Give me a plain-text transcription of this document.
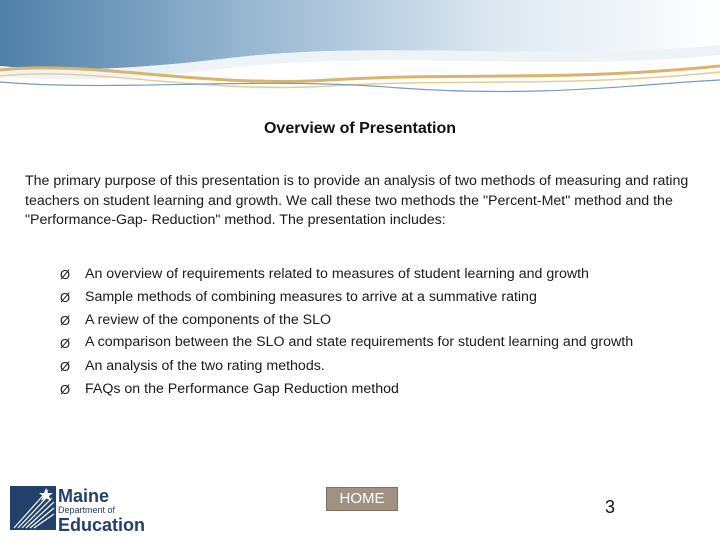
Overview of Presentation

The primary purpose of this presentation is to provide an analysis of two methods of measuring and rating teachers on student learning and growth. We call these two methods the "Percent-Met" method and the "Performance-Gap- Reduction" method. The presentation includes:

Ø An overview of requirements related to measures of student learning and growth
Ø Sample methods of combining measures to arrive at a summative rating
Ø A review of the components of the SLO
Ø A comparison between the SLO and state requirements for student learning and growth
Ø An analysis of the two rating methods.
Ø FAQs on the Performance Gap Reduction method
Maine
Department of
Education
HOME	3
